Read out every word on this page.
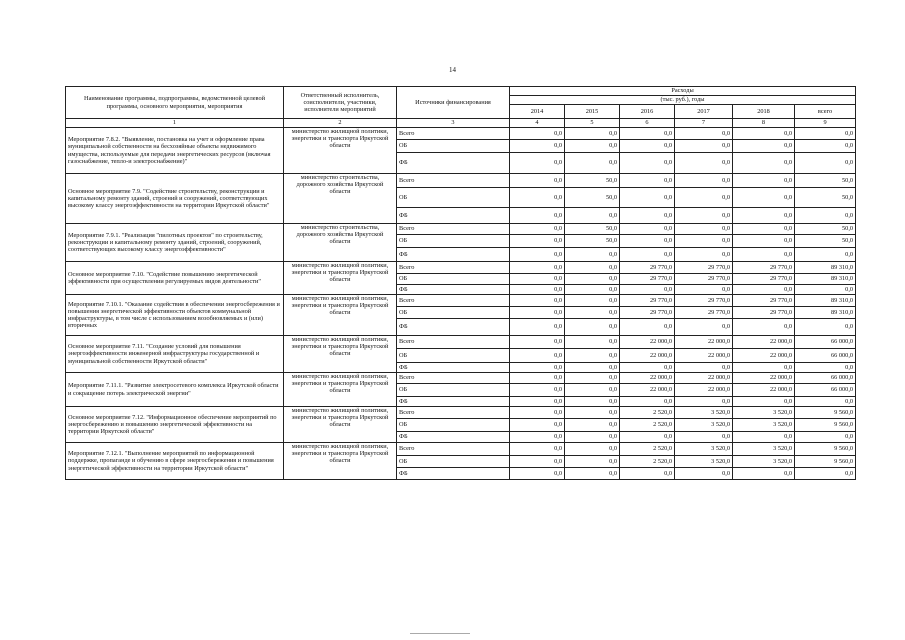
14
Наименование программы, подпрограммы, ведомственной целевой программы, основного мероприятия, мероприятия	Ответственный исполнитель, соисполнители, участники, исполнители мероприятий	Источники финансирования	Расходы					
			(тыс. руб.), годы					
			2014	2015	2016	2017	2018	всего
1	2	3	4	5	6	7	8	9
Мероприятие 7.8.2. "Выявление, постановка на учет и оформление права муниципальной собственности на бесхозяйные объекты недвижимого имущества, используемые для передачи энергетических ресурсов (включая газоснабжение, тепло-и электроснабжение)"	министерство жилищной политики, энергетики и транспорта Иркутской области	Всего	0,0	0,0	0,0	0,0	0,0	0,0
		ОБ	0,0	0,0	0,0	0,0	0,0	0,0
		ФБ	0,0	0,0	0,0	0,0	0,0	0,0
Основное мероприятие 7.9. "Содействие строительству, реконструкции и капитальному ремонту зданий, строений и сооружений, соответствующих высокому классу энергоэффективности на территории Иркутской области"	министерство строительства, дорожного хозяйства Иркутской области	Всего	0,0	50,0	0,0	0,0	0,0	50,0
		ОБ	0,0	50,0	0,0	0,0	0,0	50,0
		ФБ	0,0	0,0	0,0	0,0	0,0	0,0
Мероприятие 7.9.1. "Реализация "пилотных проектов" по строительству, реконструкции и капитальному ремонту зданий, строений, сооружений, соответствующих высокому классу энергоэффективности"	министерство строительства, дорожного хозяйства Иркутской области	Всего	0,0	50,0	0,0	0,0	0,0	50,0
		ОБ	0,0	50,0	0,0	0,0	0,0	50,0
		ФБ	0,0	0,0	0,0	0,0	0,0	0,0
Основное мероприятие 7.10. "Содействие повышению энергетической эффективности при осуществлении регулируемых видов деятельности"	министерство жилищной политики, энергетики и транспорта Иркутской области	Всего	0,0	0,0	29 770,0	29 770,0	29 770,0	89 310,0
		ОБ	0,0	0,0	29 770,0	29 770,0	29 770,0	89 310,0
		ФБ	0,0	0,0	0,0	0,0	0,0	0,0
Мероприятие 7.10.1. "Оказание содействия в обеспечении энергосбережения и повышения энергетической эффективности объектов коммунальной инфраструктуры, в том числе с использованием возобновляемых и (или) вторичных	министерство жилищной политики, энергетики и транспорта Иркутской области	Всего	0,0	0,0	29 770,0	29 770,0	29 770,0	89 310,0
		ОБ	0,0	0,0	29 770,0	29 770,0	29 770,0	89 310,0
		ФБ	0,0	0,0	0,0	0,0	0,0	0,0
Основное мероприятие 7.11. "Создание условий для повышения энергоэффективности инженерной инфраструктуры государственной и муниципальной собственности Иркутской области"	министерство жилищной политики, энергетики и транспорта Иркутской области	Всего	0,0	0,0	22 000,0	22 000,0	22 000,0	66 000,0
		ОБ	0,0	0,0	22 000,0	22 000,0	22 000,0	66 000,0
		ФБ	0,0	0,0	0,0	0,0	0,0	0,0
Мероприятие 7.11.1. "Развитие электросетевого комплекса Иркутской области и сокращение потерь электрической энергии"	министерство жилищной политики, энергетики и транспорта Иркутской области	Всего	0,0	0,0	22 000,0	22 000,0	22 000,0	66 000,0
		ОБ	0,0	0,0	22 000,0	22 000,0	22 000,0	66 000,0
		ФБ	0,0	0,0	0,0	0,0	0,0	0,0
Основное мероприятие 7.12. "Информационное обеспечение мероприятий по энергосбережению и повышению энергетической эффективности на территории Иркутской области"	министерство жилищной политики, энергетики и транспорта Иркутской области	Всего	0,0	0,0	2 520,0	3 520,0	3 520,0	9 560,0
		ОБ	0,0	0,0	2 520,0	3 520,0	3 520,0	9 560,0
		ФБ	0,0	0,0	0,0	0,0	0,0	0,0
Мероприятие 7.12.1. "Выполнение мероприятий по информационной поддержке, пропаганде и обучению в сфере энергосбережения и повышения энергетической эффективности на территории Иркутской области"	министерство жилищной политики, энергетики и транспорта Иркутской области	Всего	0,0	0,0	2 520,0	3 520,0	3 520,0	9 560,0
		ОБ	0,0	0,0	2 520,0	3 520,0	3 520,0	9 560,0
		ФБ	0,0	0,0	0,0	0,0	0,0	0,0
